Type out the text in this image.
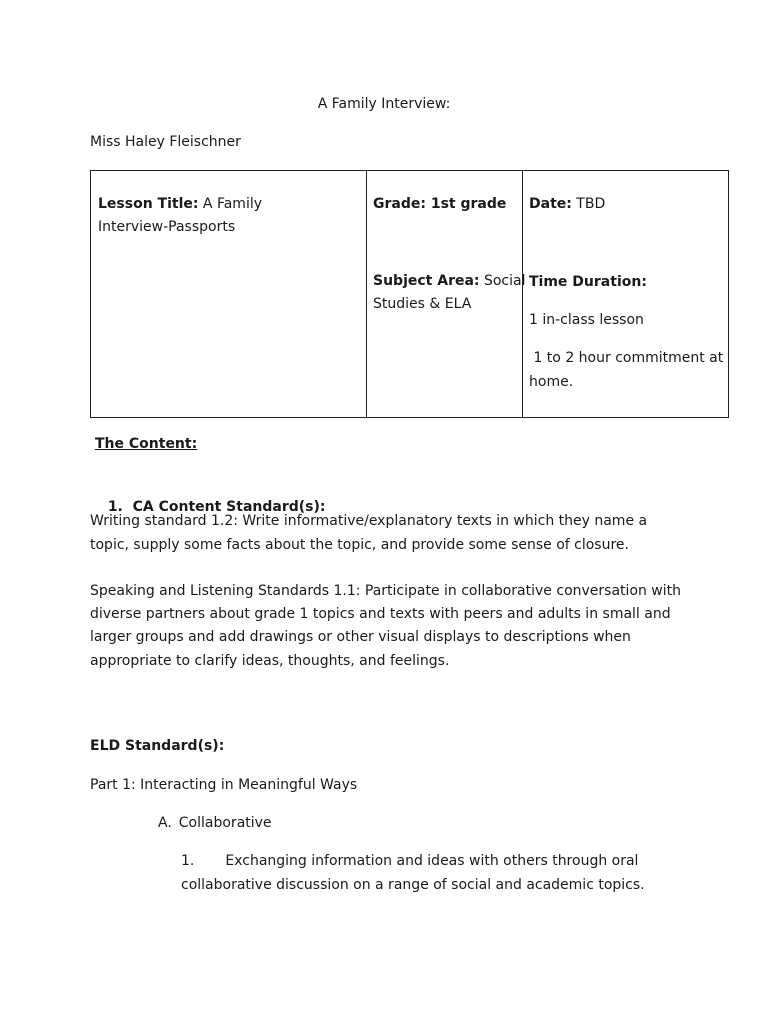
A Family Interview:
Miss Haley Fleischner
Lesson Title: A Family
Interview-Passports

Grade: 1st grade
Subject Area: Social
Studies & ELA

Date: TBD
Time Duration:
1 in-class lesson
1 to 2 hour commitment at
home.
The Content:

1.  CA Content Standard(s):

Writing standard 1.2: Write informative/explanatory texts in which they name a
topic, supply some facts about the topic, and provide some sense of closure.
Speaking and Listening Standards 1.1: Participate in collaborative conversation with
diverse partners about grade 1 topics and texts with peers and adults in small and
larger groups and add drawings or other visual displays to descriptions when
appropriate to clarify ideas, thoughts, and feelings.
ELD Standard(s):
Part 1: Interacting in Meaningful Ways
A. Collaborative
1. Exchanging information and ideas with others through oral
collaborative discussion on a range of social and academic topics.
